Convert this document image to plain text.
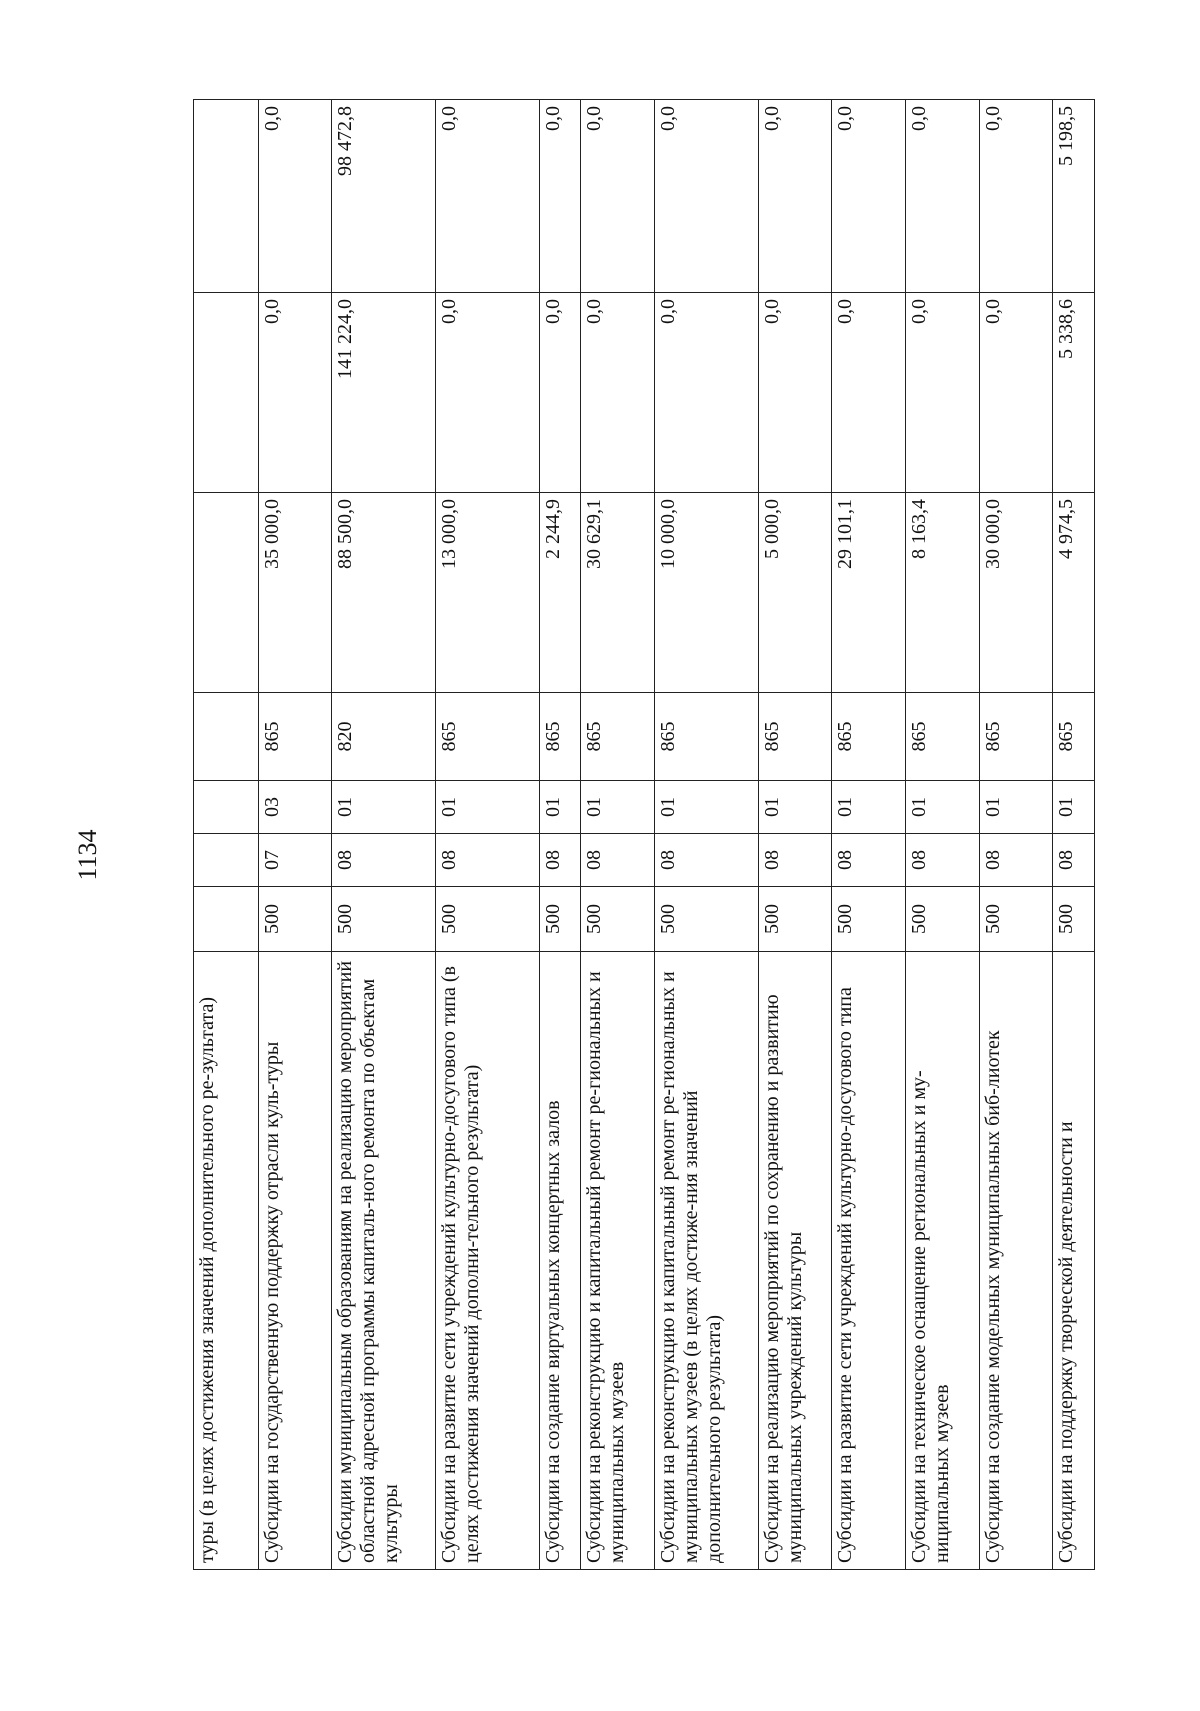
1134
туры (в целях достижения значений дополнительного ре-зультата)							
Субсидии на государственную поддержку отрасли куль-туры	500	07	03	865	35 000,0	0,0	0,0
Субсидии муниципальным образованиям на реализацию мероприятий областной адресной программы капиталь-ного ремонта по объектам культуры	500	08	01	820	88 500,0	141 224,0	98 472,8
Субсидии на развитие сети учреждений культурно-досугового типа (в целях достижения значений дополни-тельного результата)	500	08	01	865	13 000,0	0,0	0,0
Субсидии на создание виртуальных концертных залов	500	08	01	865	2 244,9	0,0	0,0
Субсидии на реконструкцию и капитальный ремонт ре-гиональных и муниципальных музеев	500	08	01	865	30 629,1	0,0	0,0
Субсидии на реконструкцию и капитальный ремонт ре-гиональных и муниципальных музеев (в целях достиже-ния значений дополнительного результата)	500	08	01	865	10 000,0	0,0	0,0
Субсидии на реализацию мероприятий по сохранению и развитию муниципальных учреждений культуры	500	08	01	865	5 000,0	0,0	0,0
Субсидии на развитие сети учреждений культурно-досугового типа	500	08	01	865	29 101,1	0,0	0,0
Субсидии на техническое оснащение региональных и му-ниципальных музеев	500	08	01	865	8 163,4	0,0	0,0
Субсидии на создание модельных муниципальных биб-лиотек	500	08	01	865	30 000,0	0,0	0,0
Субсидии на поддержку творческой деятельности и	500	08	01	865	4 974,5	5 338,6	5 198,5
